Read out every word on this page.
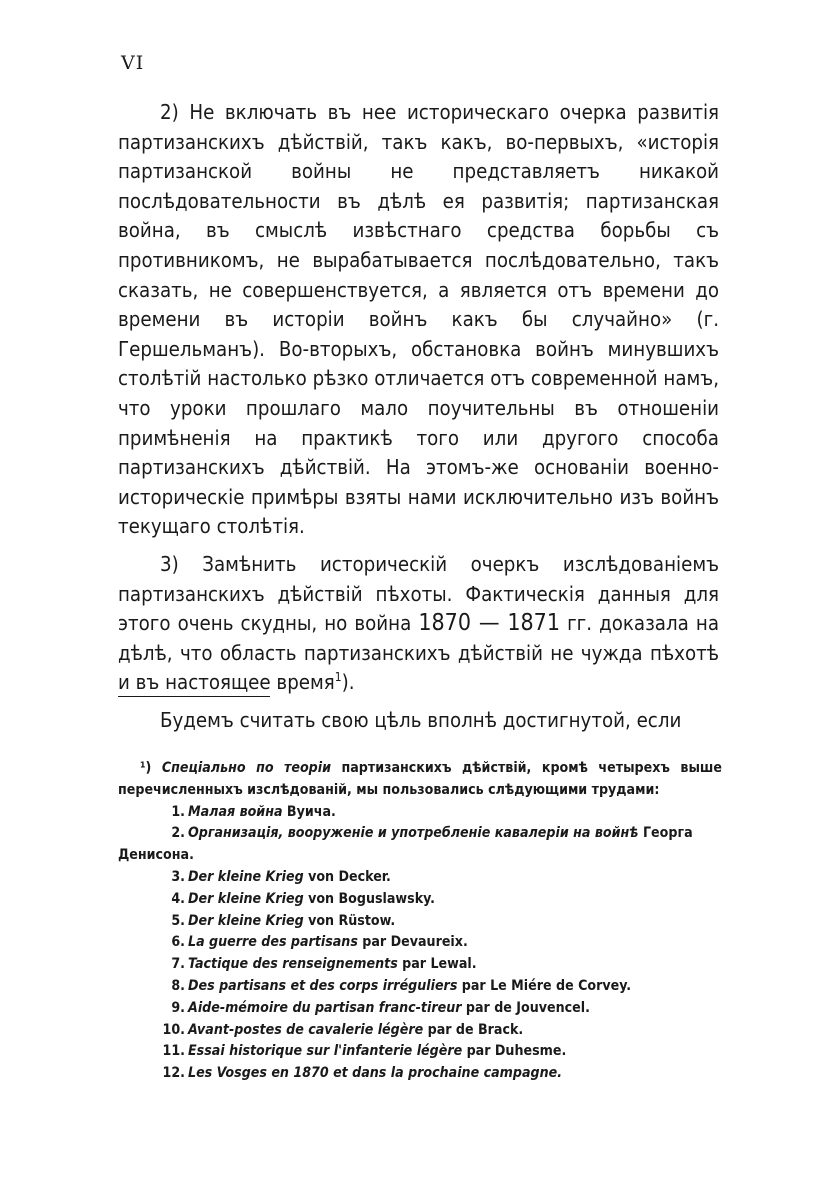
VI

2) Не включать въ нее историческаго очерка развитія партизанскихъ дѣйствій, такъ какъ, во-первыхъ, «исторія партизанской войны не представляетъ никакой послѣдовательности въ дѣлѣ ея развитія; партизанская война, въ смыслѣ извѣстнаго средства борьбы съ противникомъ, не вырабатывается послѣдовательно, такъ сказать, не совершенствуется, а является отъ времени до времени въ исторіи войнъ какъ бы случайно» (г. Гершельманъ). Во-вторыхъ, обстановка войнъ минувшихъ столѣтій настолько рѣзко отличается отъ современной намъ, что уроки прошлаго мало поучительны въ отношеніи примѣненія на практикѣ того или другого способа партизанскихъ дѣйствій. На этомъ-же основаніи военно-историческіе примѣры взяты нами исключительно изъ войнъ текущаго столѣтія.

3) Замѣнить историческій очеркъ изслѣдованіемъ партизанскихъ дѣйствій пѣхоты. Фактическія данныя для этого очень скудны, но война 1870 — 1871 гг. доказала на дѣлѣ, что область партизанскихъ дѣйствій не чужда пѣхотѣ и въ настоящее время$^1$).

Будемъ считать свою цѣль вполнѣ достигнутой, если

¹) Спеціально по теоріи партизанскихъ дѣйствій, кромѣ четырехъ выше перечисленныхъ изслѣдованій, мы пользовались слѣдующими трудами:

1. Малая война Вуича.

2. Организація, вооруженіе и употребленіе кавалеріи на войнѣ Георга Денисона.

3. Der kleine Krieg von Decker.

4. Der kleine Krieg von Boguslawsky.

5. Der kleine Krieg von Rüstow.

6. La guerre des partisans par Devaureix.

7. Tactique des renseignements par Lewal.

8. Des partisans et des corps irréguliers par Le Miére de Corvey.

9. Aide-mémoire du partisan franc-tireur par de Jouvencel.

10. Avant-postes de cavalerie légère par de Brack.

11. Essai historique sur l'infanterie légère par Duhesme.

12. Les Vosges en 1870 et dans la prochaine campagne.
